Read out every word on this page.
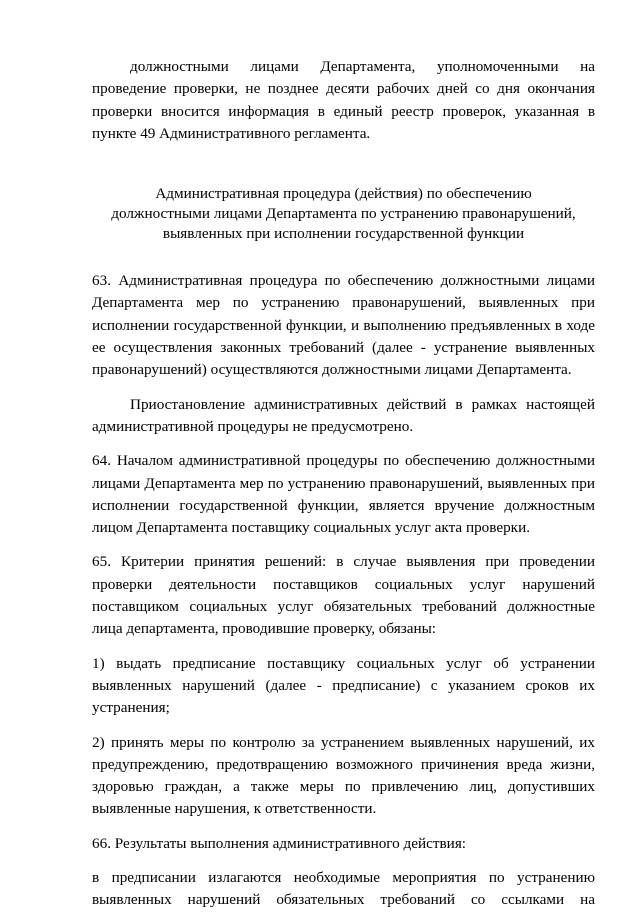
должностными лицами Департамента, уполномоченными на проведение проверки, не позднее десяти рабочих дней со дня окончания проверки вносится информация в единый реестр проверок, указанная в пункте 49 Административного регламента.

Административная процедура (действия) по обеспечению

должностными лицами Департамента по устранению правонарушений,

выявленных при исполнении государственной функции

63. Административная процедура по обеспечению должностными лицами Департамента мер по устранению правонарушений, выявленных при исполнении государственной функции, и выполнению предъявленных в ходе ее осуществления законных требований (далее - устранение выявленных правонарушений) осуществляются должностными лицами Департамента.

Приостановление административных действий в рамках настоящей административной процедуры не предусмотрено.

64. Началом административной процедуры по обеспечению должностными лицами Департамента мер по устранению правонарушений, выявленных при исполнении государственной функции, является вручение должностным лицом Департамента поставщику социальных услуг акта проверки.

65. Критерии принятия решений: в случае выявления при проведении проверки деятельности поставщиков социальных услуг нарушений поставщиком социальных услуг обязательных требований должностные лица департамента, проводившие проверку, обязаны:

1) выдать предписание поставщику социальных услуг об устранении выявленных нарушений (далее - предписание) с указанием сроков их устранения;

2) принять меры по контролю за устранением выявленных нарушений, их предупреждению, предотвращению возможного причинения вреда жизни, здоровью граждан, а также меры по привлечению лиц, допустивших выявленные нарушения, к ответственности.

66. Результаты выполнения административного действия:

в предписании излагаются необходимые мероприятия по устранению выявленных нарушений обязательных требований со ссылками на
